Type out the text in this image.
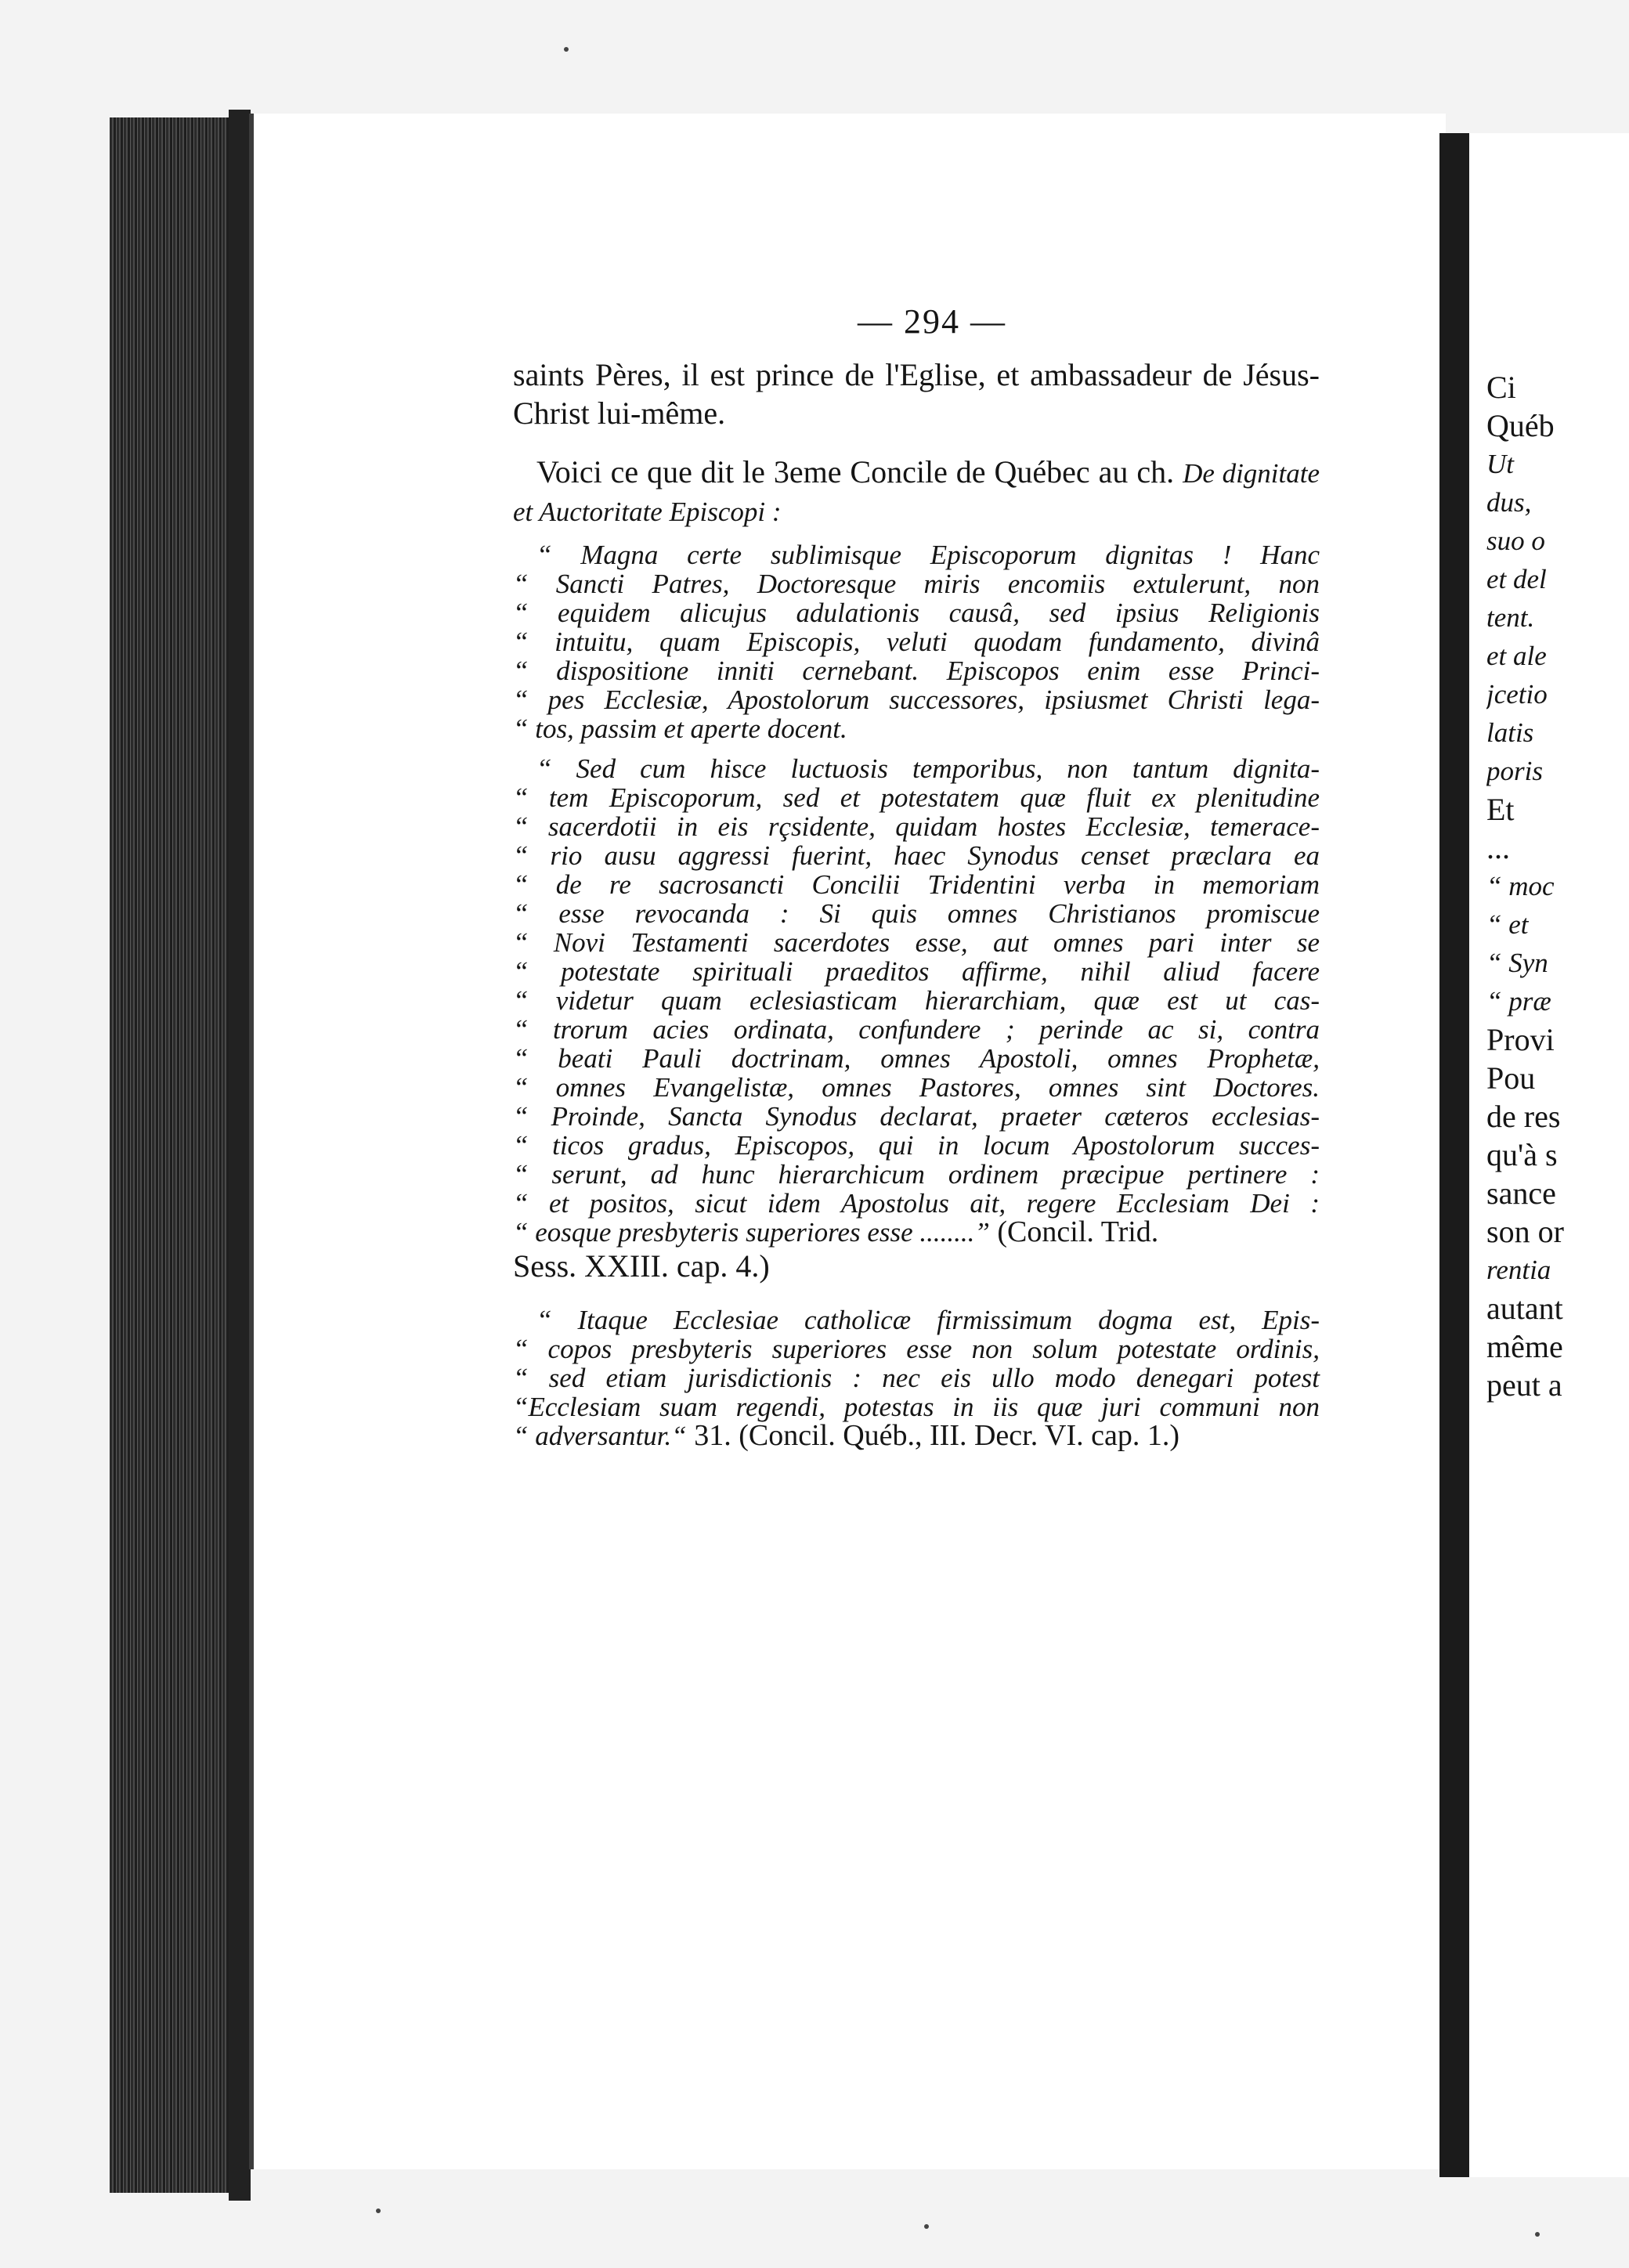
— 294 —

saints Pères, il est prince de l'Eglise, et ambassadeur de Jésus-Christ lui-même.

Voici ce que dit le 3eme Concile de Québec au ch. De dignitate et Auctoritate Episcopi :

“ Magna certe sublimisque Episcoporum dignitas ! Hanc

“ Sancti Patres, Doctoresque miris encomiis extulerunt, non

“ equidem alicujus adulationis causâ, sed ipsius Religionis

“ intuitu, quam Episcopis, veluti quodam fundamento, divinâ

“ dispositione inniti cernebant. Episcopos enim esse Princi-

“ pes Ecclesiæ, Apostolorum successores, ipsiusmet Christi lega-

“ tos, passim et aperte docent.

“ Sed cum hisce luctuosis temporibus, non tantum dignita-

“ tem Episcoporum, sed et potestatem quæ fluit ex plenitudine

“ sacerdotii in eis rçsidente, quidam hostes Ecclesiæ, temerace-

“ rio ausu aggressi fuerint, haec Synodus censet præclara ea

“ de re sacrosancti Concilii Tridentini verba in memoriam

“ esse revocanda : Si quis omnes Christianos promiscue

“ Novi Testamenti sacerdotes esse, aut omnes pari inter se

“ potestate spirituali praeditos affirme, nihil aliud facere

“ videtur quam eclesiasticam hierarchiam, quæ est ut cas-

“ trorum acies ordinata, confundere ; perinde ac si, contra

“ beati Pauli doctrinam, omnes Apostoli, omnes Prophetæ,

“ omnes Evangelistæ, omnes Pastores, omnes sint Doctores.

“ Proinde, Sancta Synodus declarat, praeter cæteros ecclesias-

“ ticos gradus, Episcopos, qui in locum Apostolorum succes-

“ serunt, ad hunc hierarchicum ordinem præcipue pertinere :

“ et positos, sicut idem Apostolus ait, regere Ecclesiam Dei :

“ eosque presbyteris superiores esse ........” (Concil. Trid.

Sess. XXIII. cap. 4.)

“ Itaque Ecclesiae catholicæ firmissimum dogma est, Epis-

“ copos presbyteris superiores esse non solum potestate ordinis,

“ sed etiam jurisdictionis : nec eis ullo modo denegari potest

“Ecclesiam suam regendi, potestas in iis quæ juri communi non

“ adversantur.“ 31. (Concil. Québ., III. Decr. VI. cap. 1.)

Ci

Québ

Ut

dus,

suo o

et del

tent.

et ale

jcetio

latis

poris

Et

...

“ moc

“ et

“ Syn

“ præ

Provi

Pou

de res

qu'à s

sance

son or

rentia

autant

même

peut a
